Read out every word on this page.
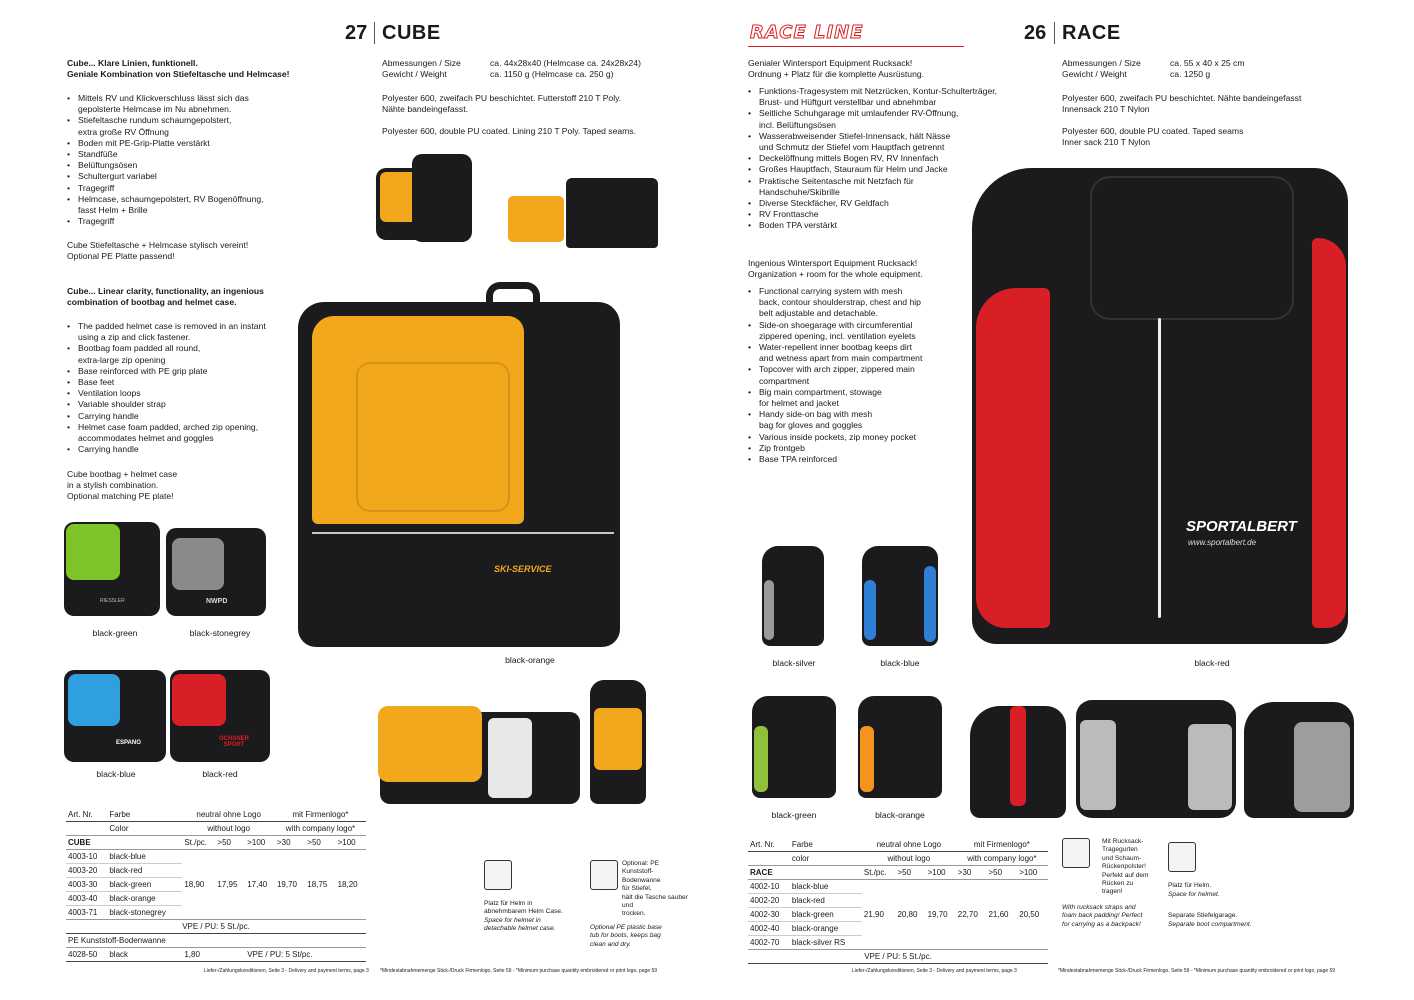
27 CUBE
Cube... Klare Linien, funktionell.
Geniale Kombination von Stiefeltasche und Helmcase!
• Mittels RV und Klickverschluss lässt sich das
gepolsterte Helmcase im Nu abnehmen.
• Stiefeltasche rundum schaumgepolstert,
extra große RV Öffnung
• Boden mit PE-Grip-Platte verstärkt
• Standfüße
• Belüftungsösen
• Schultergurt variabel
• Tragegriff
• Helmcase, schaumgepolstert, RV Bogenöffnung,
fasst Helm + Brille
• Tragegriff
Cube Stiefeltasche + Helmcase stylisch vereint!
Optional PE Platte passend!
Cube... Linear clarity, functionality, an ingenious
combination of bootbag and helmet case.
• The padded helmet case is removed in an instant
using a zip and click fastener.
• Bootbag foam padded all round,
extra-large zip opening
• Base reinforced with PE grip plate
• Base feet
• Ventilation loops
• Variable shoulder strap
• Carrying handle
• Helmet case foam padded, arched zip opening,
accommodates helmet and goggles
• Carrying handle
Cube bootbag + helmet case
in a stylish combination.
Optional matching PE plate!
Abmessungen / Size	ca. 44x28x40 (Helmcase ca. 24x28x24)
Gewicht / Weight	ca. 1150 g (Helmcase ca. 250 g)
Polyester 600, zweifach PU beschichtet. Futterstoff 210 T Poly.
Nähte bandeingefasst.
Polyester 600, double PU coated. Lining 210 T Poly. Taped seams.
SKI-SERVICE
black-orange
RIESSLER
black-green
NWPD
black-stonegrey
ESPANO
black-blue
OCHSNER SPORT
black-red
Art. Nr.	Farbe	neutral ohne Logo			mit Firmenlogo*		
	Color	without logo			with company logo*		
CUBE		St./pc.	>50	>100	>30	>50	>100
4003-10	black-blue	18,90	17,95	17,40	19,70	18,75	18,20
4003-20	black-red						
4003-30	black-green						
4003-40	black-orange						
4003-71	black-stonegrey						
VPE / PU: 5 St./pc.							
PE Kunststoff-Bodenwanne							
4028-50	black	1,80		VPE / PU: 5 St/pc.			
Platz für Helm in
abnehmbarem Helm Case.
Space for helmet in
detachable helmet case.
Optional: PE
Kunststoff-
Bodenwanne
für Stiefel,
hält die Tasche sauber und
trocken.
Optional PE plastic base
tub for boots, keeps bag
clean and dry.
Liefer-/Zahlungskonditionen, Seite 3 - Delivery and payment terms, page 3 *Mindestabnahmemenge Stick-/Druck Firmenlogo, Seite 59 - *Minimum purchase quantity embroidered or print logo, page 59
RACE LINE	26 RACE
Genialer Wintersport Equipment Rucksack!
Ordnung + Platz für die komplette Ausrüstung.
• Funktions-Tragesystem mit Netzrücken, Kontur-Schulterträger,
Brust- und Hüftgurt verstellbar und abnehmbar
• Seitliche Schuhgarage mit umlaufender RV-Öffnung,
incl. Belüftungsösen
• Wasserabweisender Stiefel-Innensack, hält Nässe
und Schmutz der Stiefel vom Hauptfach getrennt
• Deckelöffnung mittels Bogen RV, RV Innenfach
• Großes Hauptfach, Stauraum für Helm und Jacke
• Praktische Seitentasche mit Netzfach für
Handschuhe/Skibrille
• Diverse Steckfächer, RV Geldfach
• RV Fronttasche
• Boden TPA verstärkt
Ingenious Wintersport Equipment Rucksack!
Organization + room for the whole equipment.
• Functional carrying system with mesh
back, contour shoulderstrap, chest and hip
belt adjustable and detachable.
• Side-on shoegarage with circumferential
zippered opening, incl. ventilation eyelets
• Water-repellent inner bootbag keeps dirt
and wetness apart from main compartment
• Topcover with arch zipper, zippered main
compartment
• Big main compartment, stowage
for helmet and jacket
• Handy side-on bag with mesh
bag for gloves and goggles
• Various inside pockets, zip money pocket
• Zip frontgeb
• Base TPA reinforced
Abmessungen / Size	ca. 55 x 40 x 25 cm
Gewicht / Weight	ca. 1250 g
Polyester 600, zweifach PU beschichtet. Nähte bandeingefasst
Innensack 210 T Nylon
Polyester 600, double PU coated. Taped seams
Inner sack 210 T Nylon
SPORTALBERT
www.sportalbert.de
black-red
black-silver	black-blue
black-green	black-orange
Art. Nr.	Farbe	neutral ohne Logo			mit Firmenlogo*		
	color	without logo			with company logo*		
RACE		St./pc.	>50	>100	>30	>50	>100
4002-10	black-blue	21,90	20,80	19,70	22,70	21,60	20,50
4002-20	black-red						
4002-30	black-green						
4002-40	black-orange						
4002-70	black-silver RS						
VPE / PU: 5 St./pc.							
Mit Rucksack-
Tragegurten
und Schaum-
Rückenpolster!
Perfekt auf dem Rücken zu
tragen!
With rucksack straps and
foam back padding! Perfect
for carrying as a backpack!
Platz für Helm.
Space for helmet.
Separate Stiefelgarage.
Separate boot compartment.
Liefer-/Zahlungskonditionen, Seite 3 - Delivery and payment terms, page 3	*Mindestabnahmemenge Stick-/Druck Firmenlogo, Seite 59 - *Minimum purchase quantity embroidered or print logo, page 59
